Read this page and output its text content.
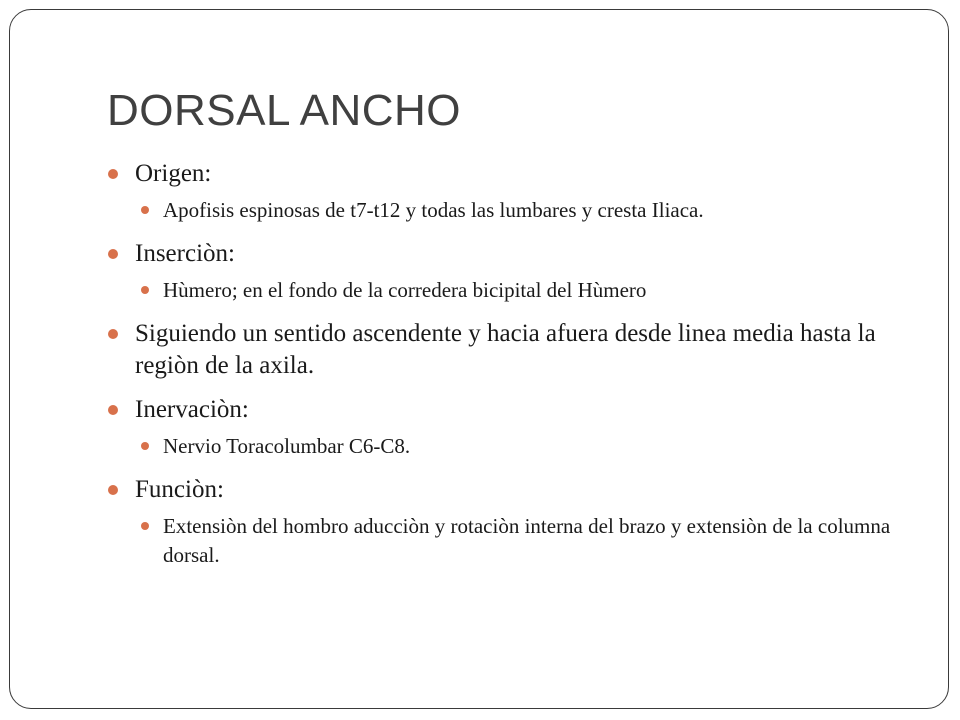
DORSAL ANCHO
Origen:
Apofisis espinosas de t7-t12 y todas las lumbares y cresta Iliaca.
Inserciòn:
Hùmero; en el fondo de la corredera bicipital del Hùmero
Siguiendo un sentido ascendente y hacia afuera desde linea media hasta la regiòn de la axila.
Inervaciòn:
Nervio Toracolumbar C6-C8.
Funciòn:
Extensiòn del hombro aducciòn y rotaciòn interna del brazo y extensiòn de la columna dorsal.
